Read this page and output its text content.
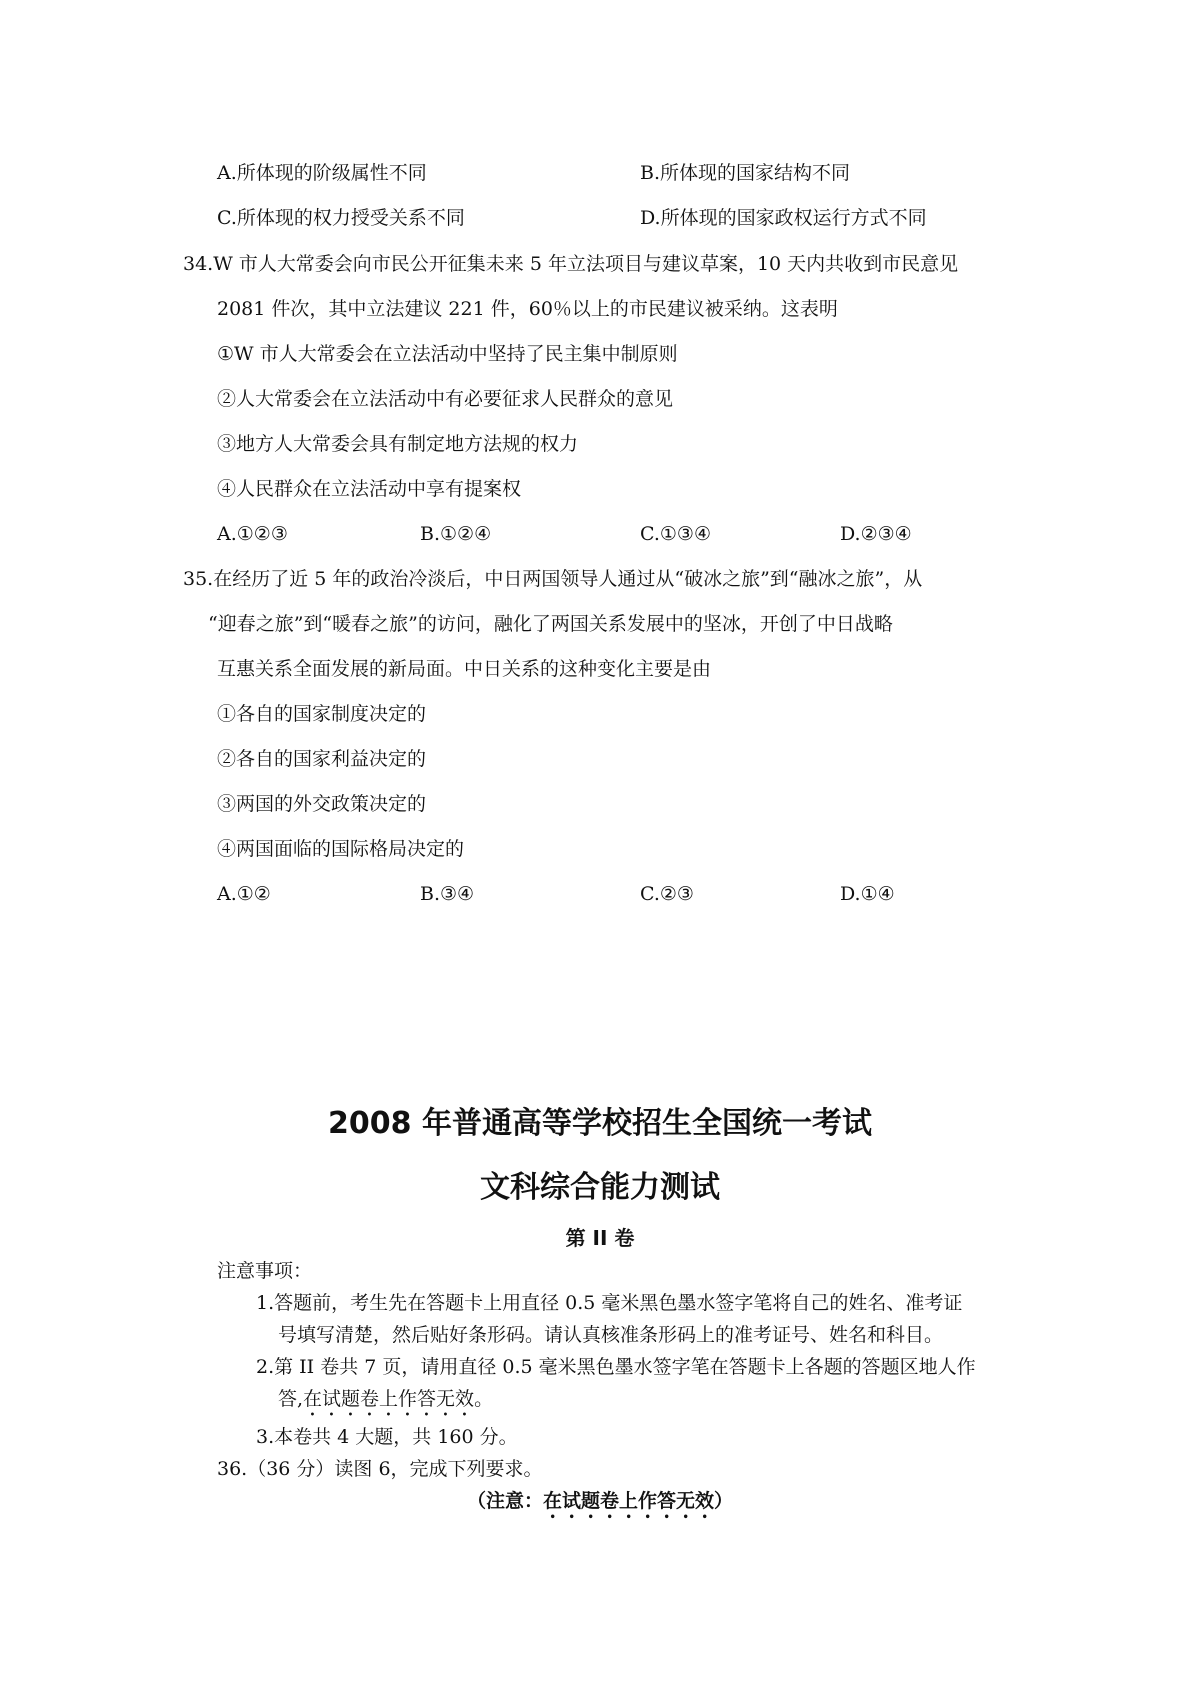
A.所体现的阶级属性不同	B.所体现的国家结构不同
C.所体现的权力授受关系不同	D.所体现的国家政权运行方式不同
34.W 市人大常委会向市民公开征集未来 5 年立法项目与建议草案，10 天内共收到市民意见
2081 件次，其中立法建议 221 件，60％以上的市民建议被采纳。这表明
①W 市人大常委会在立法活动中坚持了民主集中制原则
②人大常委会在立法活动中有必要征求人民群众的意见
③地方人大常委会具有制定地方法规的权力
④人民群众在立法活动中享有提案权
A.①②③	B.①②④	C.①③④	D.②③④
35.在经历了近 5 年的政治冷淡后，中日两国领导人通过从“破冰之旅”到“融冰之旅”，从
“迎春之旅”到“暖春之旅”的访问，融化了两国关系发展中的坚冰，开创了中日战略
互惠关系全面发展的新局面。中日关系的这种变化主要是由
①各自的国家制度决定的
②各自的国家利益决定的
③两国的外交政策决定的
④两国面临的国际格局决定的
A.①②	B.③④	C.②③	D.①④
2008 年普通高等学校招生全国统一考试
文科综合能力测试
第 II 卷
注意事项：
1.答题前，考生先在答题卡上用直径 0.5 毫米黑色墨水签字笔将自己的姓名、准考证
号填写清楚，然后贴好条形码。请认真核准条形码上的准考证号、姓名和科目。
2.第 II 卷共 7 页，请用直径 0.5 毫米黑色墨水签字笔在答题卡上各题的答题区地人作
答,在试题卷上作答无效。
3.本卷共 4 大题，共 160 分。
36.（36 分）读图 6，完成下列要求。
（注意：在试题卷上作答无效）
